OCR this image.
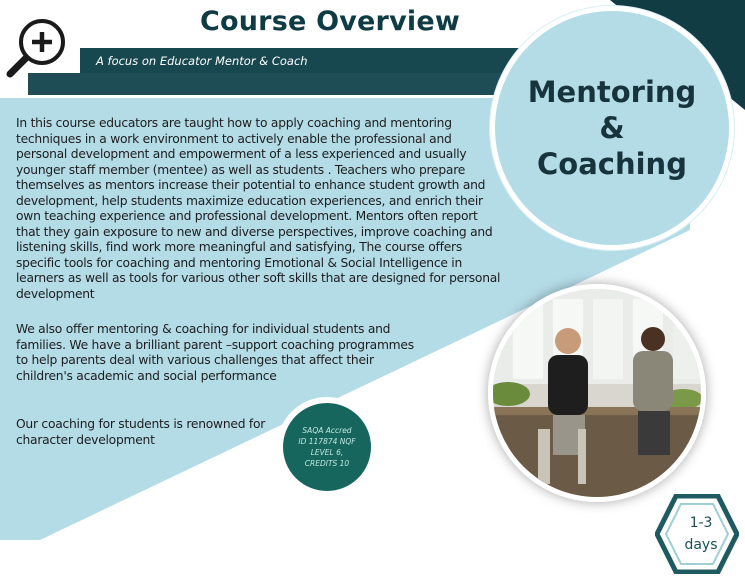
Course Overview
A focus on Educator Mentor & Coach
In this course educators are taught how to apply coaching and mentoring techniques in a work environment to actively enable the professional and personal development and empowerment of a less experienced and usually younger staff member (mentee) as well as students . Teachers who prepare themselves as mentors increase their potential to enhance student growth and development, help students maximize education experiences, and enrich their own teaching experience and professional development. Mentors often report that they gain exposure to new and diverse perspectives, improve coaching and listening skills, find work more meaningful and satisfying, The course offers specific tools for coaching and mentoring Emotional & Social Intelligence in learners as well as tools for various other soft skills that are designed for personal development
We also offer mentoring & coaching for individual students and families. We have a brilliant parent –support coaching programmes to help parents deal with various challenges that affect their children's academic and social performance
Our coaching for students is renowned for character development
Mentoring
&
Coaching
SAQA Accred
ID 117874 NQF
LEVEL 6,
CREDITS 10
1-3
days
